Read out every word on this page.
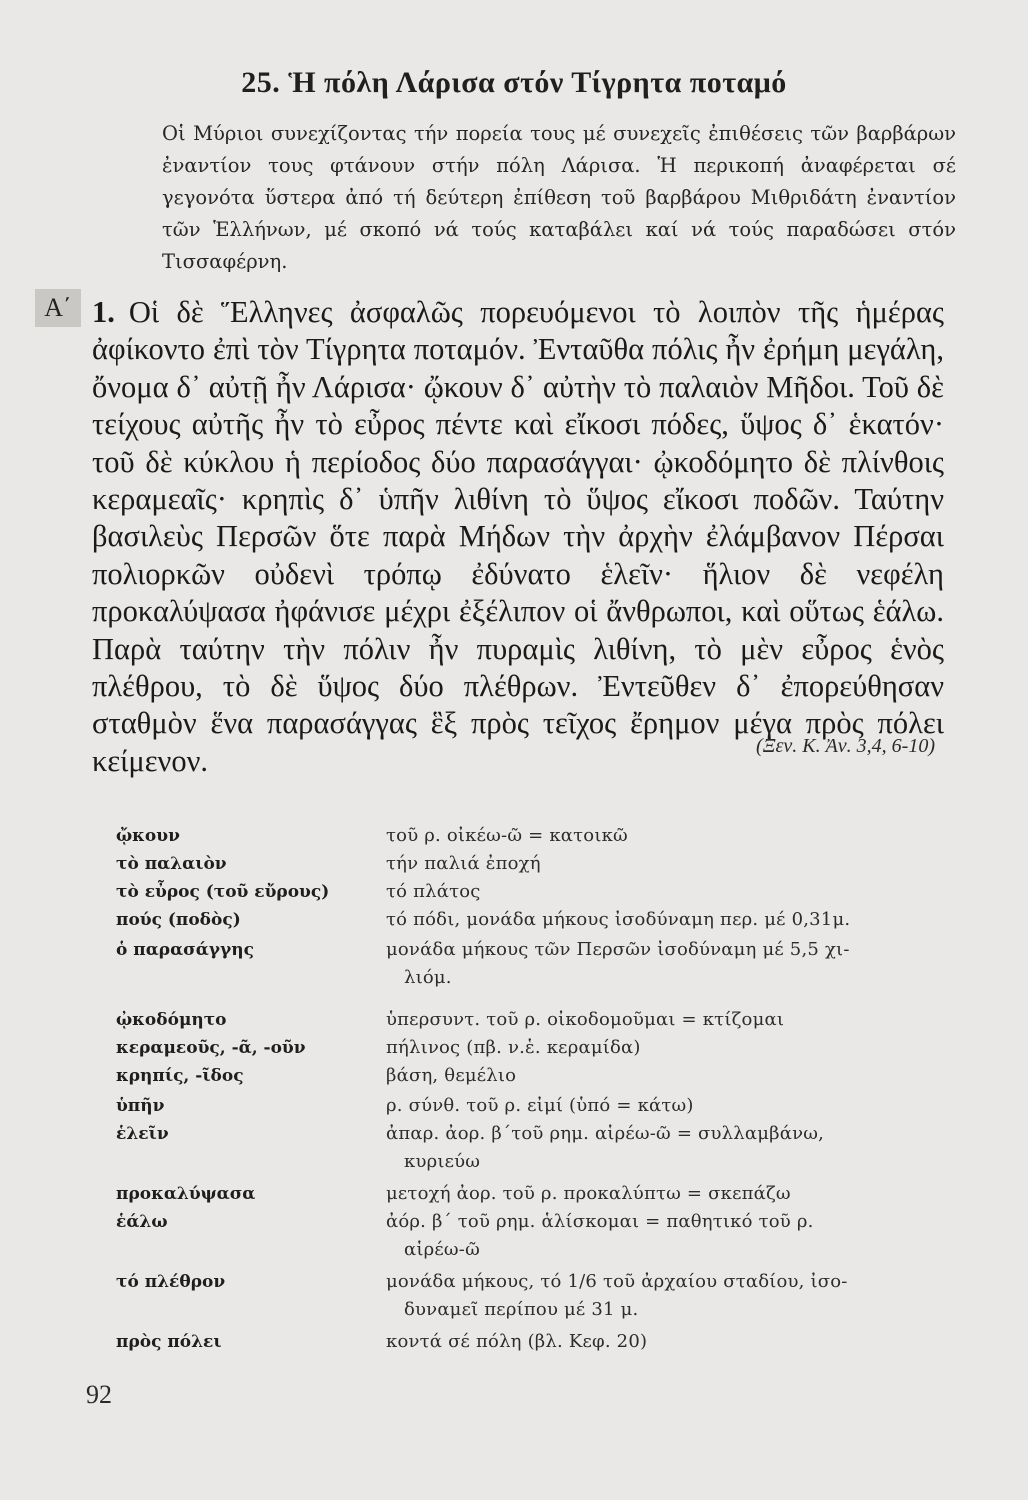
25. Ἡ πόλη Λάρισα στόν Τίγρητα ποταμό

Οἱ Μύριοι συνεχίζοντας τήν πορεία τους μέ συνεχεῖς ἐπιθέσεις τῶν βαρβάρων ἐναντίον τους φτάνουν στήν πόλη Λάρισα. Ἡ περικοπή ἀναφέρεται σέ γεγονότα ὕστερα ἀπό τή δεύτερη ἐπίθεση τοῦ βαρβάρου Μιθριδάτη ἐναντίον τῶν Ἑλλήνων, μέ σκοπό νά τούς καταβάλει καί νά τούς παραδώσει στόν Τισσαφέρνη.

Α΄ 1. Οἱ δὲ Ἕλληνες ἀσφαλῶς πορευόμενοι τὸ λοιπὸν τῆς ἡμέρας ἀφίκοντο ἐπὶ τὸν Τίγρητα ποταμόν. Ἐνταῦθα πόλις ἦν ἐρήμη μεγάλη, ὄνομα δ᾿ αὐτῇ ἦν Λάρισα· ᾤκουν δ᾿ αὐτὴν τὸ παλαιὸν Μῆδοι. Τοῦ δὲ τείχους αὐτῆς ἦν τὸ εὖρος πέντε καὶ εἴκοσι πόδες, ὕψος δ᾿ ἑκατόν· τοῦ δὲ κύκλου ἡ περίοδος δύο παρασάγγαι· ᾠκοδόμητο δὲ πλίνθοις κεραμεαῖς· κρηπὶς δ᾿ ὑπῆν λιθίνη τὸ ὕψος εἴκοσι ποδῶν. Ταύτην βασιλεὺς Περσῶν ὅτε παρὰ Μήδων τὴν ἀρχὴν ἐλάμβανον Πέρσαι πολιορκῶν οὐδενὶ τρόπῳ ἐδύνατο ἑλεῖν· ἥλιον δὲ νεφέλη προκαλύψασα ἠφάνισε μέχρι ἐξέλιπον οἱ ἄνθρωποι, καὶ οὕτως ἑάλω. Παρὰ ταύτην τὴν πόλιν ἦν πυραμὶς λιθίνη, τὸ μὲν εὖρος ἑνὸς πλέθρου, τὸ δὲ ὕψος δύο πλέθρων. Ἐντεῦθεν δ᾿ ἐπορεύθησαν σταθμὸν ἕνα παρασάγγας ἓξ πρὸς τεῖχος ἔρημον μέγα πρὸς πόλει κείμενον.	(Ξεν. Κ. Ἀν. 3,4, 6-10)
ᾤκουν	τοῦ ρ. οἰκέω-ῶ = κατοικῶ
τὸ παλαιὸν	τήν παλιά ἐποχή
τὸ εὖρος (τοῦ εὔρους)	τό πλάτος
πούς (ποδὸς)	τό πόδι, μονάδα μήκους ἰσοδύναμη περ. μέ 0,31μ.
ὁ παρασάγγης	μονάδα μήκους τῶν Περσῶν ἰσοδύναμη μέ 5,5 χι-
λιόμ.
ᾠκοδόμητο	ὑπερσυντ. τοῦ ρ. οἰκοδομοῦμαι = κτίζομαι
κεραμεοῦς, -ᾶ, -οῦν	πήλινος (πβ. ν.ἑ. κεραμίδα)
κρηπίς, -ῖδος	βάση, θεμέλιο
ὑπῆν	ρ. σύνθ. τοῦ ρ. εἰμί (ὑπό = κάτω)
ἑλεῖν	ἀπαρ. ἀορ. β΄τοῦ ρημ. αἱρέω-ῶ = συλλαμβάνω,
κυριεύω
προκαλύψασα	μετοχή ἀορ. τοῦ ρ. προκαλύπτω = σκεπάζω
ἑάλω	ἀόρ. β΄ τοῦ ρημ. ἁλίσκομαι = παθητικό τοῦ ρ.
αἱρέω-ῶ
τό πλέθρον	μονάδα μήκους, τό 1/6 τοῦ ἀρχαίου σταδίου, ἰσο-
δυναμεῖ περίπου μέ 31 μ.
πρὸς πόλει	κοντά σέ πόλη (βλ. Κεφ. 20)
92
